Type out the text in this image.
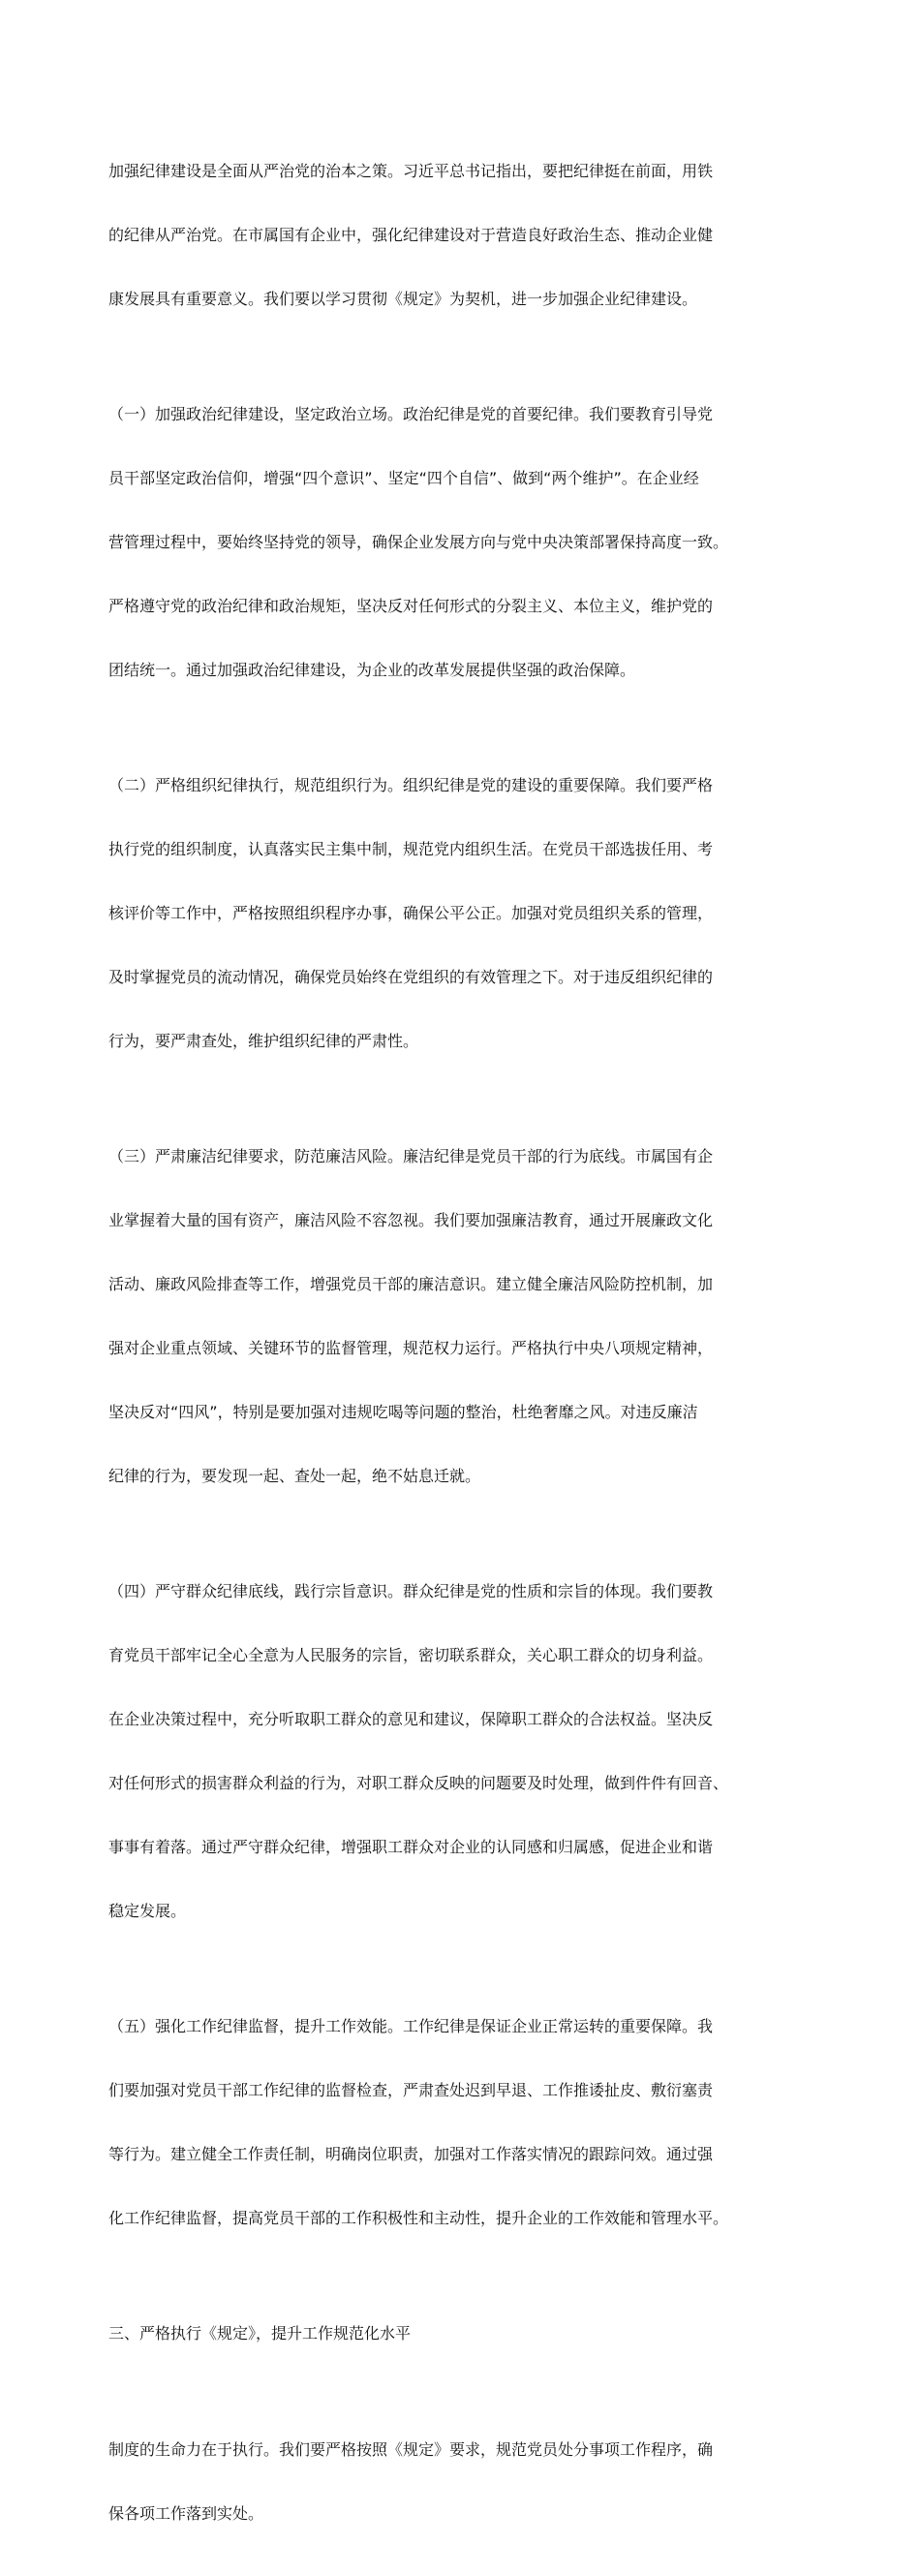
加强纪律建设是全面从严治党的治本之策。习近平总书记指出，要把纪律挺在前面，用铁

的纪律从严治党。在市属国有企业中，强化纪律建设对于营造良好政治生态、推动企业健

康发展具有重要意义。我们要以学习贯彻《规定》为契机，进一步加强企业纪律建设。

（一）加强政治纪律建设，坚定政治立场。政治纪律是党的首要纪律。我们要教育引导党

员干部坚定政治信仰，增强“四个意识”、坚定“四个自信”、做到“两个维护”。在企业经

营管理过程中，要始终坚持党的领导，确保企业发展方向与党中央决策部署保持高度一致。

严格遵守党的政治纪律和政治规矩，坚决反对任何形式的分裂主义、本位主义，维护党的

团结统一。通过加强政治纪律建设，为企业的改革发展提供坚强的政治保障。

（二）严格组织纪律执行，规范组织行为。组织纪律是党的建设的重要保障。我们要严格

执行党的组织制度，认真落实民主集中制，规范党内组织生活。在党员干部选拔任用、考

核评价等工作中，严格按照组织程序办事，确保公平公正。加强对党员组织关系的管理，

及时掌握党员的流动情况，确保党员始终在党组织的有效管理之下。对于违反组织纪律的

行为，要严肃查处，维护组织纪律的严肃性。

（三）严肃廉洁纪律要求，防范廉洁风险。廉洁纪律是党员干部的行为底线。市属国有企

业掌握着大量的国有资产，廉洁风险不容忽视。我们要加强廉洁教育，通过开展廉政文化

活动、廉政风险排查等工作，增强党员干部的廉洁意识。建立健全廉洁风险防控机制，加

强对企业重点领域、关键环节的监督管理，规范权力运行。严格执行中央八项规定精神，

坚决反对“四风”，特别是要加强对违规吃喝等问题的整治，杜绝奢靡之风。对违反廉洁

纪律的行为，要发现一起、查处一起，绝不姑息迁就。

（四）严守群众纪律底线，践行宗旨意识。群众纪律是党的性质和宗旨的体现。我们要教

育党员干部牢记全心全意为人民服务的宗旨，密切联系群众，关心职工群众的切身利益。

在企业决策过程中，充分听取职工群众的意见和建议，保障职工群众的合法权益。坚决反

对任何形式的损害群众利益的行为，对职工群众反映的问题要及时处理，做到件件有回音、

事事有着落。通过严守群众纪律，增强职工群众对企业的认同感和归属感，促进企业和谐

稳定发展。

（五）强化工作纪律监督，提升工作效能。工作纪律是保证企业正常运转的重要保障。我

们要加强对党员干部工作纪律的监督检查，严肃查处迟到早退、工作推诿扯皮、敷衍塞责

等行为。建立健全工作责任制，明确岗位职责，加强对工作落实情况的跟踪问效。通过强

化工作纪律监督，提高党员干部的工作积极性和主动性，提升企业的工作效能和管理水平。

三、严格执行《规定》，提升工作规范化水平

制度的生命力在于执行。我们要严格按照《规定》要求，规范党员处分事项工作程序，确

保各项工作落到实处。
